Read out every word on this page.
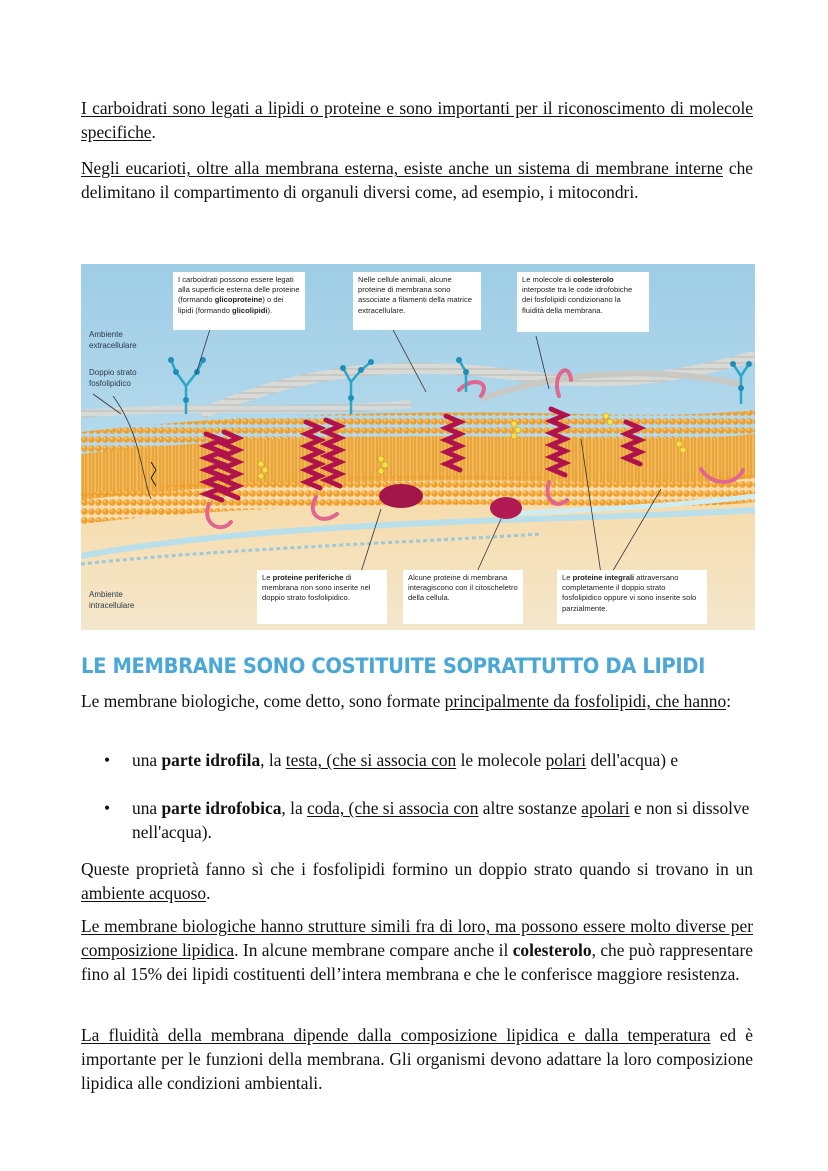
I carboidrati sono legati a lipidi o proteine e sono importanti per il riconoscimento di molecole specifiche.

Negli eucarioti, oltre alla membrana esterna, esiste anche un sistema di membrane interne che delimitano il compartimento di organuli diversi come, ad esempio, i mitocondri.

Ambiente extracellulare
Doppio strato fosfolipidico
Ambiente intracellulare
I carboidrati possono essere legati alla superficie esterna delle proteine (formando glicoproteine) o dei lipidi (formando glicolipidi).
Nelle cellule animali, alcune proteine di membrana sono associate a filamenti della matrice extracellulare.
Le molecole di colesterolo interposte tra le code idrofobiche dei fosfolipidi condizionano la fluidità della membrana.
Le proteine periferiche di membrana non sono inserite nel doppio strato fosfolipidico.
Alcune proteine di membrana interagiscono con il citoscheletro della cellula.
Le proteine integrali attraversano completamente il doppio strato fosfolipidico oppure vi sono inserite solo parzialmente.
LE MEMBRANE SONO COSTITUITE SOPRATTUTTO DA LIPIDI

Le membrane biologiche, come detto, sono formate principalmente da fosfolipidi, che hanno:

• una parte idrofila, la testa, (che si associa con le molecole polari dell'acqua) e

• una parte idrofobica, la coda, (che si associa con altre sostanze apolari e non si dissolve nell'acqua).

Queste proprietà fanno sì che i fosfolipidi formino un doppio strato quando si trovano in un ambiente acquoso.

Le membrane biologiche hanno strutture simili fra di loro, ma possono essere molto diverse per composizione lipidica. In alcune membrane compare anche il colesterolo, che può rappresentare fino al 15% dei lipidi costituenti dell’intera membrana e che le conferisce maggiore resistenza.

La fluidità della membrana dipende dalla composizione lipidica e dalla temperatura ed è importante per le funzioni della membrana. Gli organismi devono adattare la loro composizione lipidica alle condizioni ambientali.
